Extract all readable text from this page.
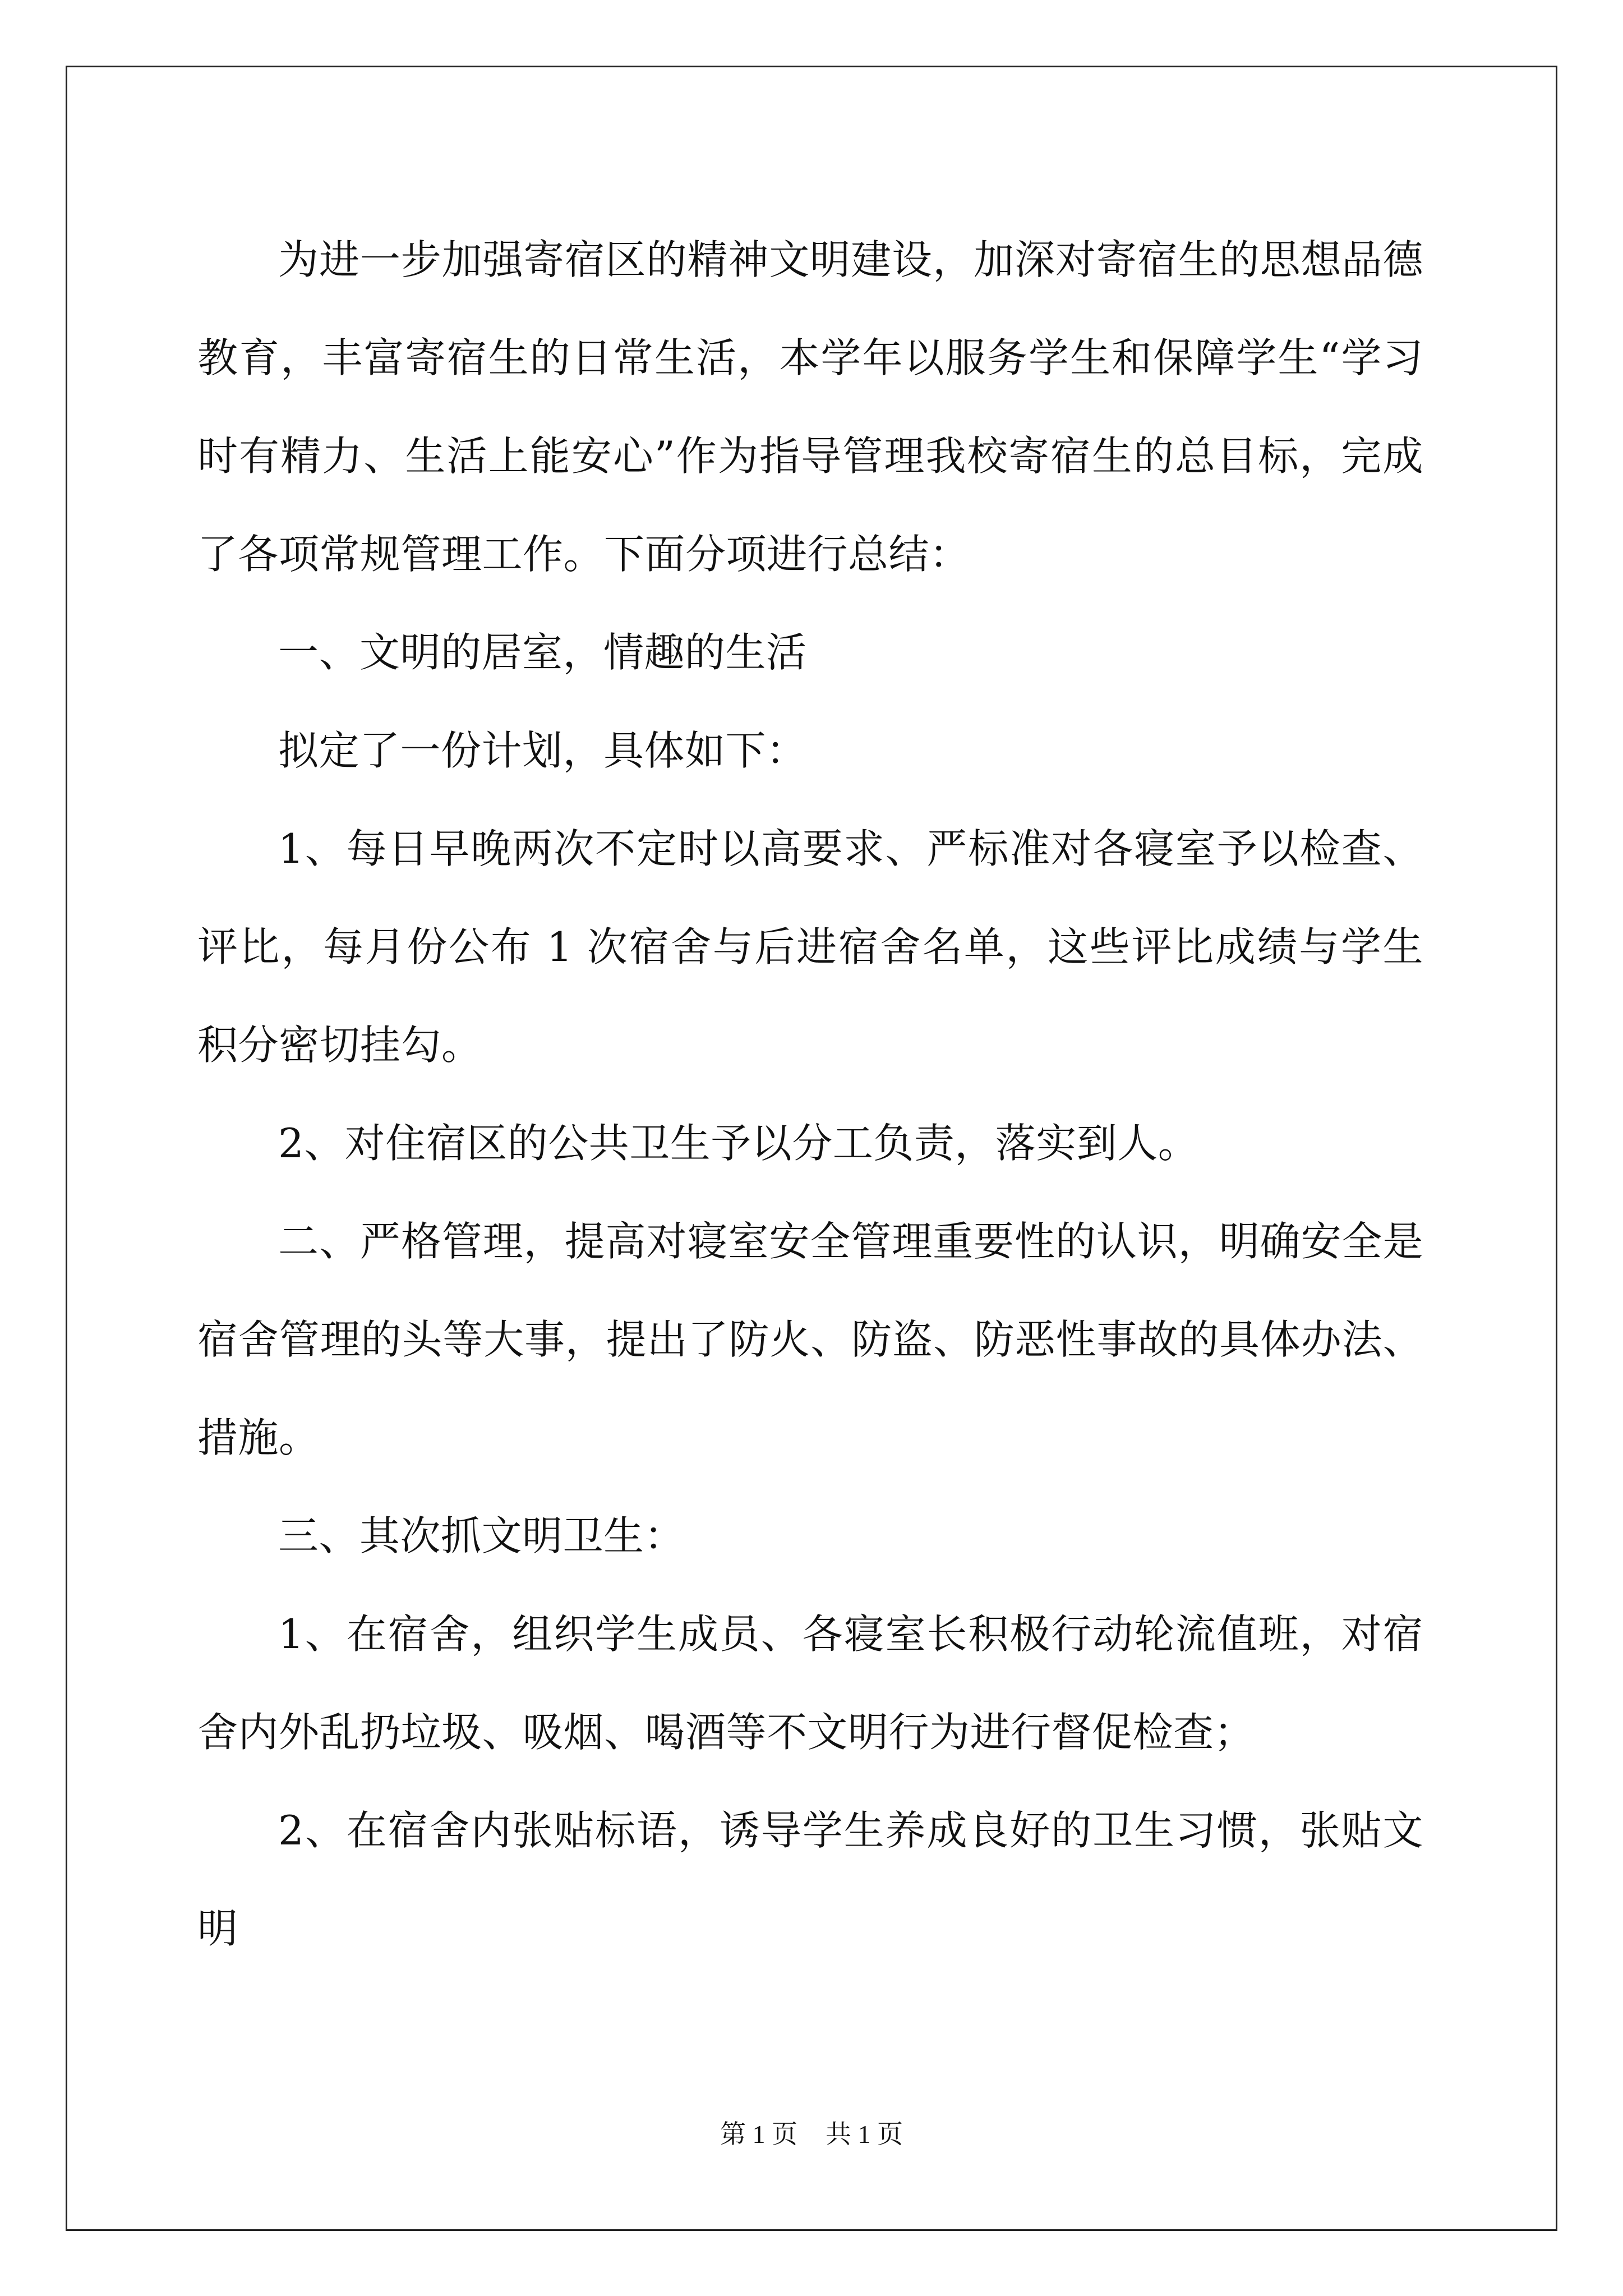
为进一步加强寄宿区的精神文明建设，加深对寄宿生的思想品德教育，丰富寄宿生的日常生活，本学年以服务学生和保障学生“学习时有精力、生活上能安心”作为指导管理我校寄宿生的总目标，完成了各项常规管理工作。下面分项进行总结：

一、文明的居室，情趣的生活

拟定了一份计划，具体如下：

1、每日早晚两次不定时以高要求、严标准对各寝室予以检查、评比，每月份公布 1 次宿舍与后进宿舍名单，这些评比成绩与学生积分密切挂勾。

2、对住宿区的公共卫生予以分工负责，落实到人。

二、严格管理，提高对寝室安全管理重要性的认识，明确安全是宿舍管理的头等大事，提出了防火、防盗、防恶性事故的具体办法、措施。

三、其次抓文明卫生：

1、在宿舍，组织学生成员、各寝室长积极行动轮流值班，对宿舍内外乱扔垃圾、吸烟、喝酒等不文明行为进行督促检查；

2、在宿舍内张贴标语，诱导学生养成良好的卫生习惯，张贴文明

第 1 页 共 1 页
